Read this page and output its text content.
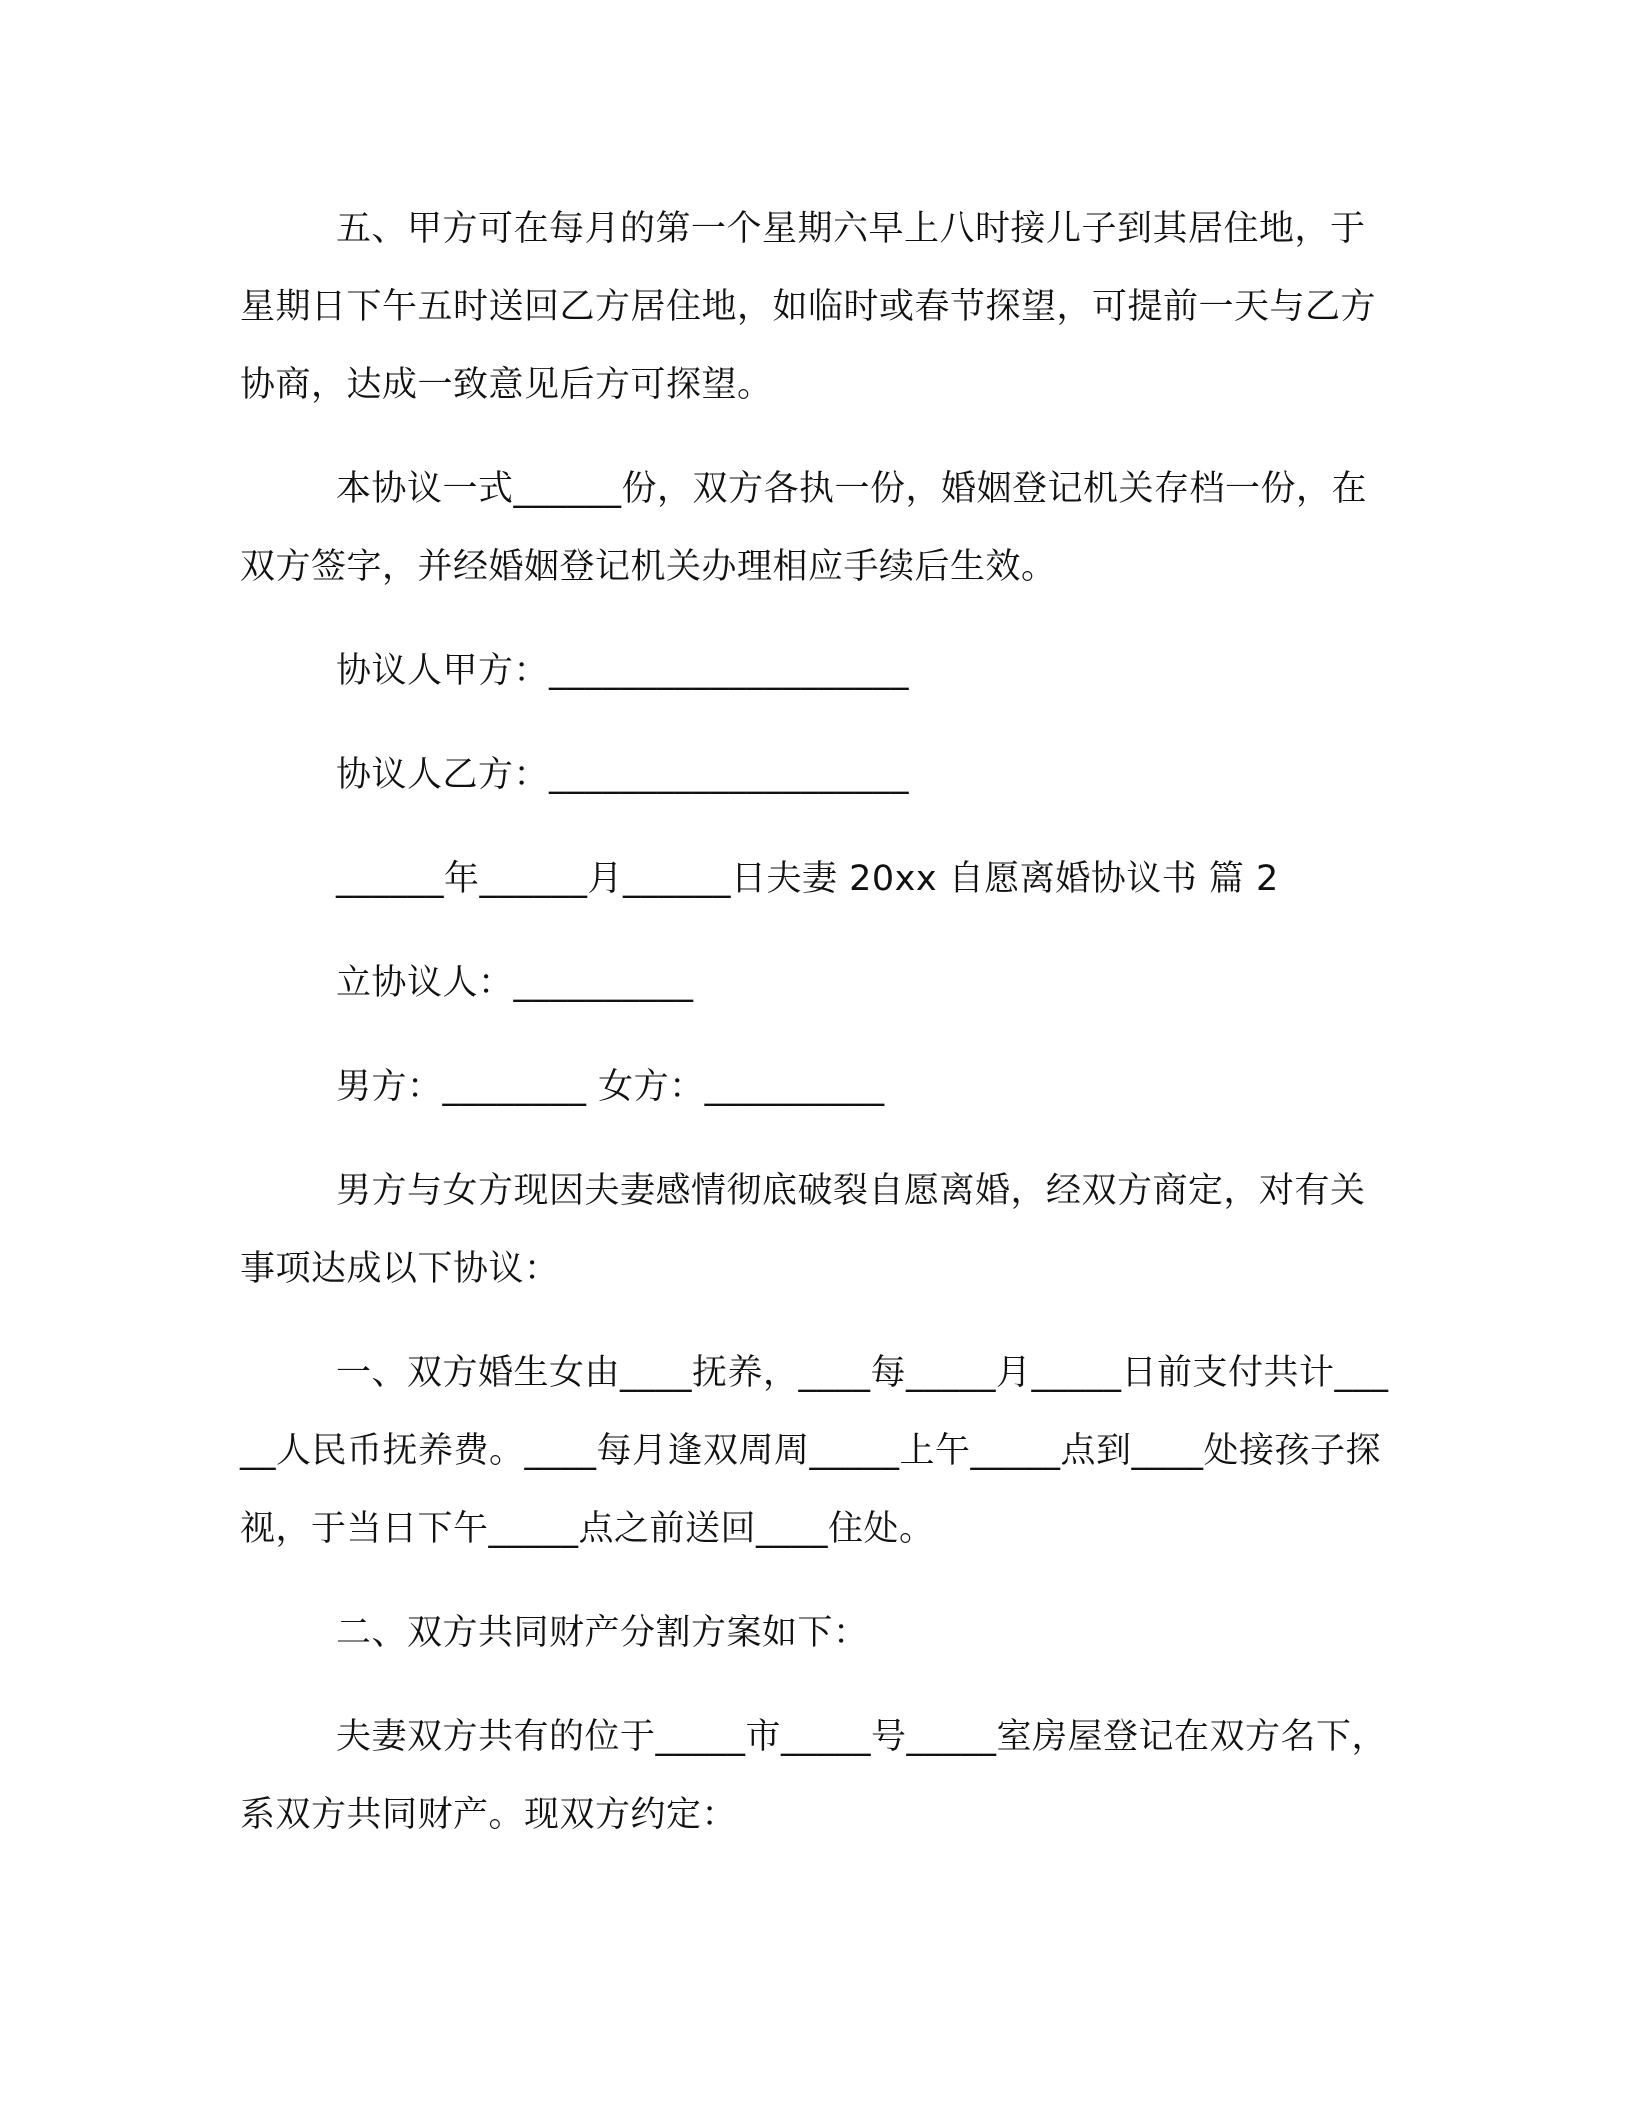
五、甲方可在每月的第一个星期六早上八时接儿子到其居住地，于星期日下午五时送回乙方居住地，如临时或春节探望，可提前一天与乙方协商，达成一致意见后方可探望。

本协议一式______份，双方各执一份，婚姻登记机关存档一份，在双方签字，并经婚姻登记机关办理相应手续后生效。

协议人甲方：____________________
协议人乙方：____________________
______年______月______日夫妻 20xx 自愿离婚协议书 篇 2
立协议人：__________
男方：________ 女方：__________

男方与女方现因夫妻感情彻底破裂自愿离婚，经双方商定，对有关事项达成以下协议：

一、双方婚生女由____抚养，____每_____月_____日前支付共计_____人民币抚养费。____每月逢双周周_____上午_____点到____处接孩子探视，于当日下午_____点之前送回____住处。

二、双方共同财产分割方案如下：

夫妻双方共有的位于_____市_____号_____室房屋登记在双方名下，系双方共同财产。现双方约定：
